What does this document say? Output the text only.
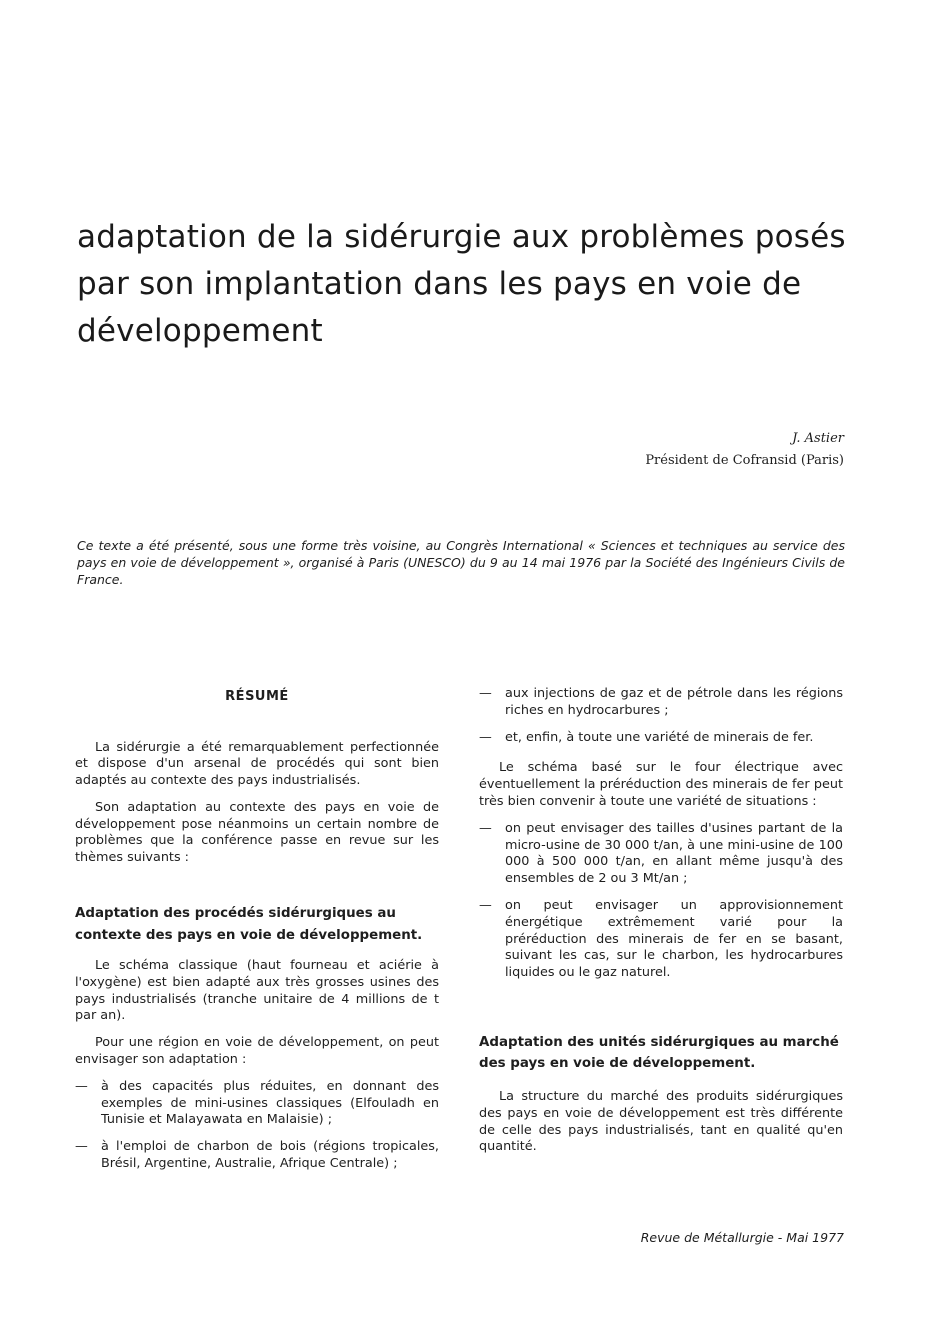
adaptation de la sidérurgie aux problèmes posés par son implantation dans les pays en voie de développement
J. Astier
Président de Cofransid (Paris)

Ce texte a été présenté, sous une forme très voisine, au Congrès International « Sciences et techniques au service des pays en voie de développement », organisé à Paris (UNESCO) du 9 au 14 mai 1976 par la Société des Ingénieurs Civils de France.

RÉSUMÉ

La sidérurgie a été remarquablement perfectionnée et dispose d'un arsenal de procédés qui sont bien adaptés au contexte des pays industrialisés.

Son adaptation au contexte des pays en voie de développement pose néanmoins un certain nombre de problèmes que la conférence passe en revue sur les thèmes suivants :

Adaptation des procédés sidérurgiques au contexte des pays en voie de développement.

Le schéma classique (haut fourneau et aciérie à l'oxygène) est bien adapté aux très grosses usines des pays industrialisés (tranche unitaire de 4 millions de t par an).

Pour une région en voie de développement, on peut envisager son adaptation :

— à des capacités plus réduites, en donnant des exemples de mini-usines classiques (Elfouladh en Tunisie et Malayawata en Malaisie) ;
— à l'emploi de charbon de bois (régions tropicales, Brésil, Argentine, Australie, Afrique Centrale) ;
— aux injections de gaz et de pétrole dans les régions riches en hydrocarbures ;
— et, enfin, à toute une variété de minerais de fer.

Le schéma basé sur le four électrique avec éventuellement la préréduction des minerais de fer peut très bien convenir à toute une variété de situations :

— on peut envisager des tailles d'usines partant de la micro-usine de 30 000 t/an, à une mini-usine de 100 000 à 500 000 t/an, en allant même jusqu'à des ensembles de 2 ou 3 Mt/an ;
— on peut envisager un approvisionnement énergétique extrêmement varié pour la préréduction des minerais de fer en se basant, suivant les cas, sur le charbon, les hydrocarbures liquides ou le gaz naturel.
Adaptation des unités sidérurgiques au marché des pays en voie de développement.

La structure du marché des produits sidérurgiques des pays en voie de développement est très différente de celle des pays industrialisés, tant en qualité qu'en quantité.

Revue de Métallurgie - Mai 1977
